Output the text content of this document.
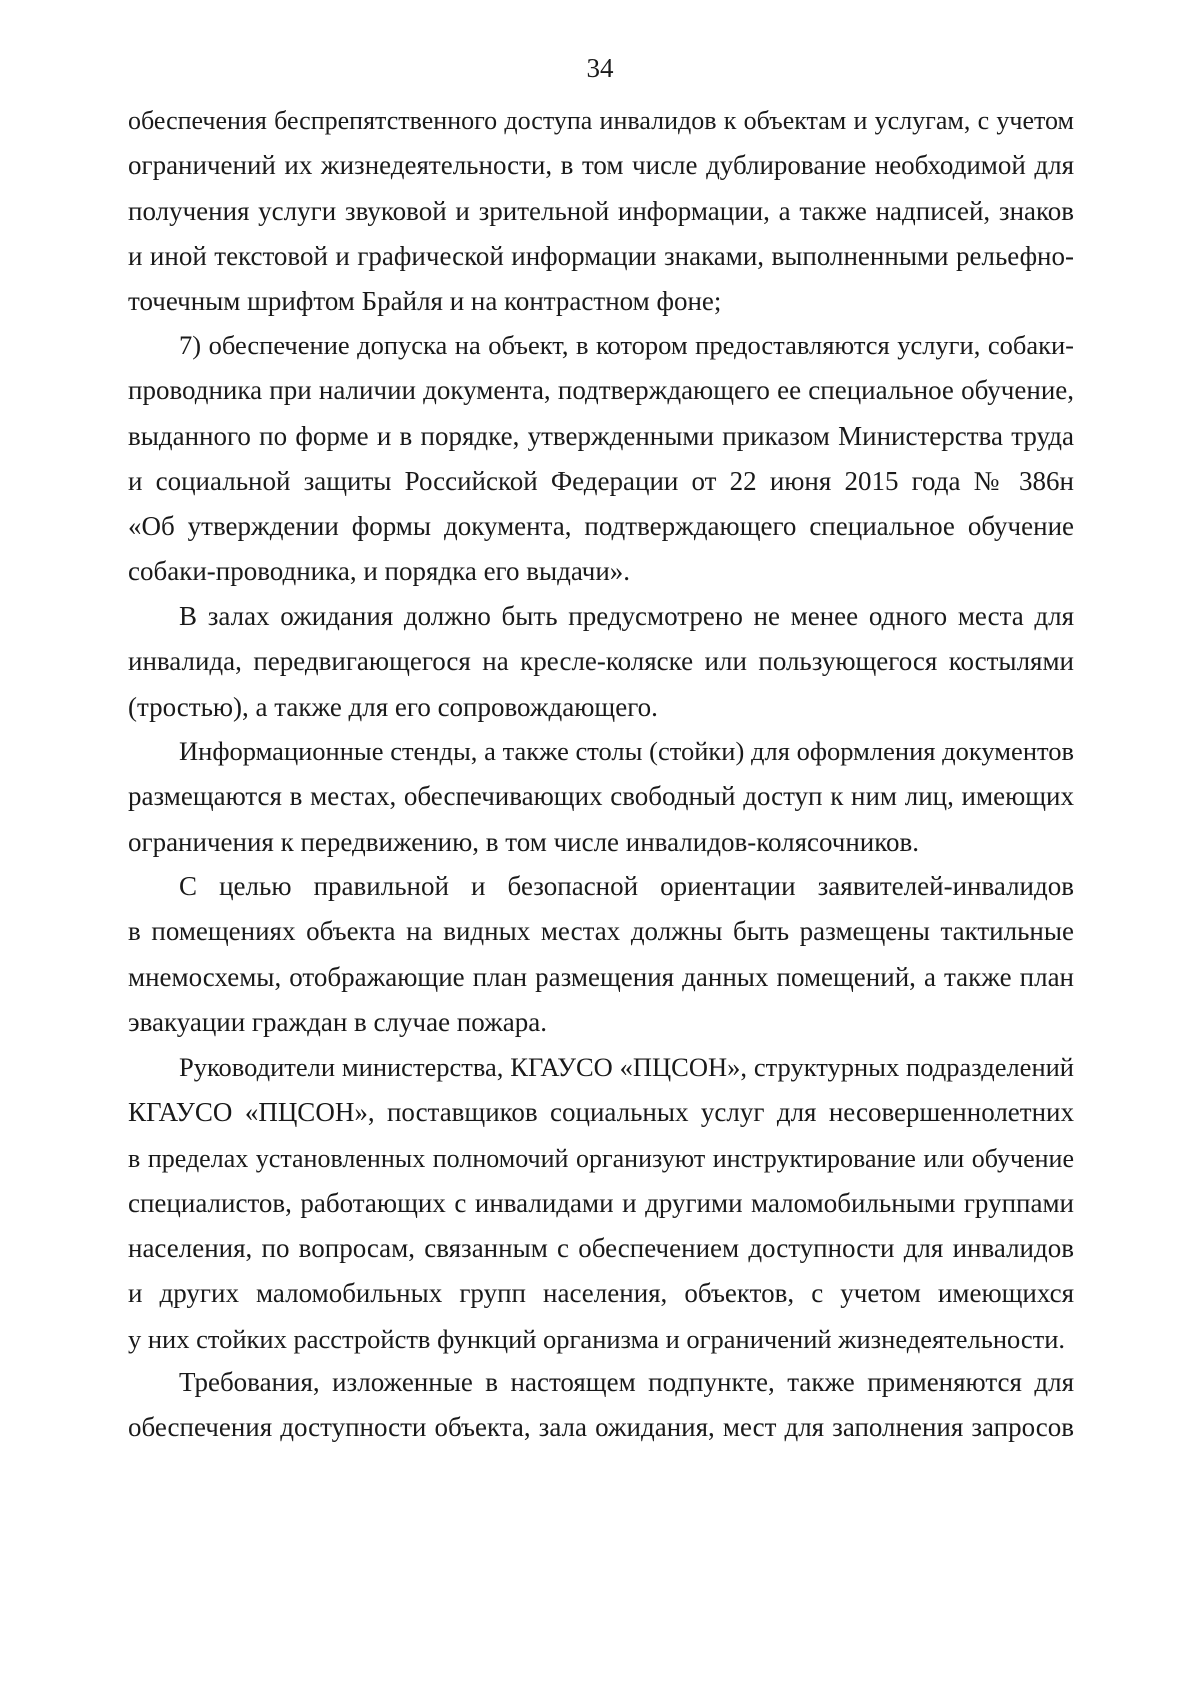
34
обеспечения беспрепятственного доступа инвалидов к объектам и услугам, с учетом
ограничений их жизнедеятельности, в том числе дублирование необходимой для
получения услуги звуковой и зрительной информации, а также надписей, знаков
и иной текстовой и графической информации знаками, выполненными рельефно-
точечным шрифтом Брайля и на контрастном фоне;
7) обеспечение допуска на объект, в котором предоставляются услуги, собаки-
проводника при наличии документа, подтверждающего ее специальное обучение,
выданного по форме и в порядке, утвержденными приказом Министерства труда
и социальной защиты Российской Федерации от 22 июня 2015 года № 386н
«Об утверждении формы документа, подтверждающего специальное обучение
собаки-проводника, и порядка его выдачи».
В залах ожидания должно быть предусмотрено не менее одного места для
инвалида, передвигающегося на кресле-коляске или пользующегося костылями
(тростью), а также для его сопровождающего.
Информационные стенды, а также столы (стойки) для оформления документов
размещаются в местах, обеспечивающих свободный доступ к ним лиц, имеющих
ограничения к передвижению, в том числе инвалидов-колясочников.
С целью правильной и безопасной ориентации заявителей-инвалидов
в помещениях объекта на видных местах должны быть размещены тактильные
мнемосхемы, отображающие план размещения данных помещений, а также план
эвакуации граждан в случае пожара.
Руководители министерства, КГАУСО «ПЦСОН», структурных подразделений
КГАУСО «ПЦСОН», поставщиков социальных услуг для несовершеннолетних
в пределах установленных полномочий организуют инструктирование или обучение
специалистов, работающих с инвалидами и другими маломобильными группами
населения, по вопросам, связанным с обеспечением доступности для инвалидов
и других маломобильных групп населения, объектов, с учетом имеющихся
у них стойких расстройств функций организма и ограничений жизнедеятельности.
Требования, изложенные в настоящем подпункте, также применяются для
обеспечения доступности объекта, зала ожидания, мест для заполнения запросов
